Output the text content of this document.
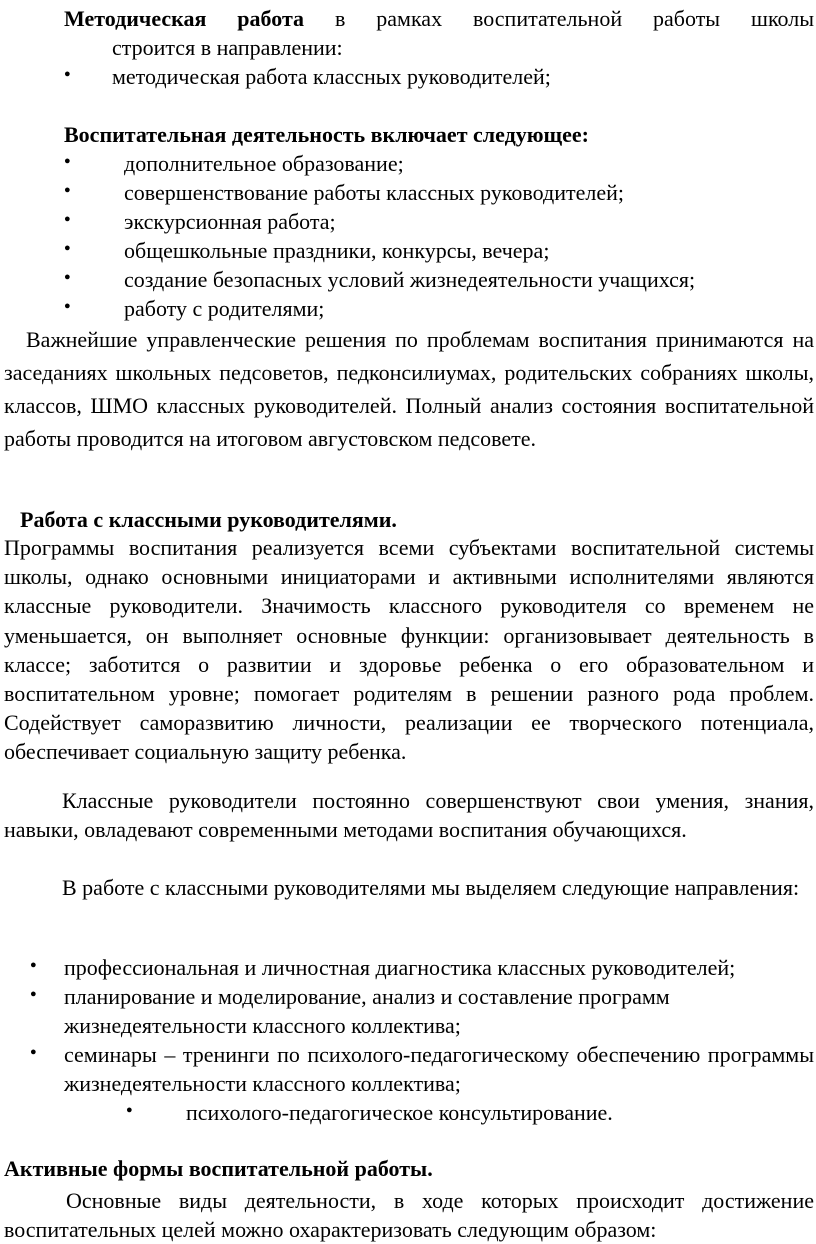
Методическая работа в рамках воспитательной работы школы

строится в направлении:

методическая работа классных руководителей;

Воспитательная деятельность включает следующее:

дополнительное образование;
совершенствование работы классных руководителей;
экскурсионная работа;
общешкольные праздники, конкурсы, вечера;
создание безопасных условий жизнедеятельности учащихся;
работу с родителями;

Важнейшие управленческие решения по проблемам воспитания принимаются на заседаниях школьных педсоветов, педконсилиумах, родительских собраниях школы, классов, ШМО классных руководителей. Полный анализ состояния воспитательной работы проводится на итоговом августовском педсовете.

Работа с классными руководителями.

Программы воспитания реализуется всеми субъектами воспитательной системы школы, однако основными инициаторами и активными исполнителями являются классные руководители. Значимость классного руководителя со временем не уменьшается, он выполняет основные функции: организовывает деятельность в классе; заботится о развитии и здоровье ребенка о его образовательном и воспитательном уровне; помогает родителям в решении разного рода проблем. Содействует саморазвитию личности, реализации ее творческого потенциала, обеспечивает социальную защиту ребенка.

Классные руководители постоянно совершенствуют свои умения, знания, навыки, овладевают современными методами воспитания обучающихся.

В работе с классными руководителями мы выделяем следующие направления:

профессиональная и личностная диагностика классных руководителей;
планирование и моделирование, анализ и составление программ жизнедеятельности классного коллектива;
семинары – тренинги по психолого-педагогическому обеспечению программы жизнедеятельности классного коллектива;
психолого-педагогическое консультирование.

Активные формы воспитательной работы.

Основные виды деятельности, в ходе которых происходит достижение воспитательных целей можно охарактеризовать следующим образом:
